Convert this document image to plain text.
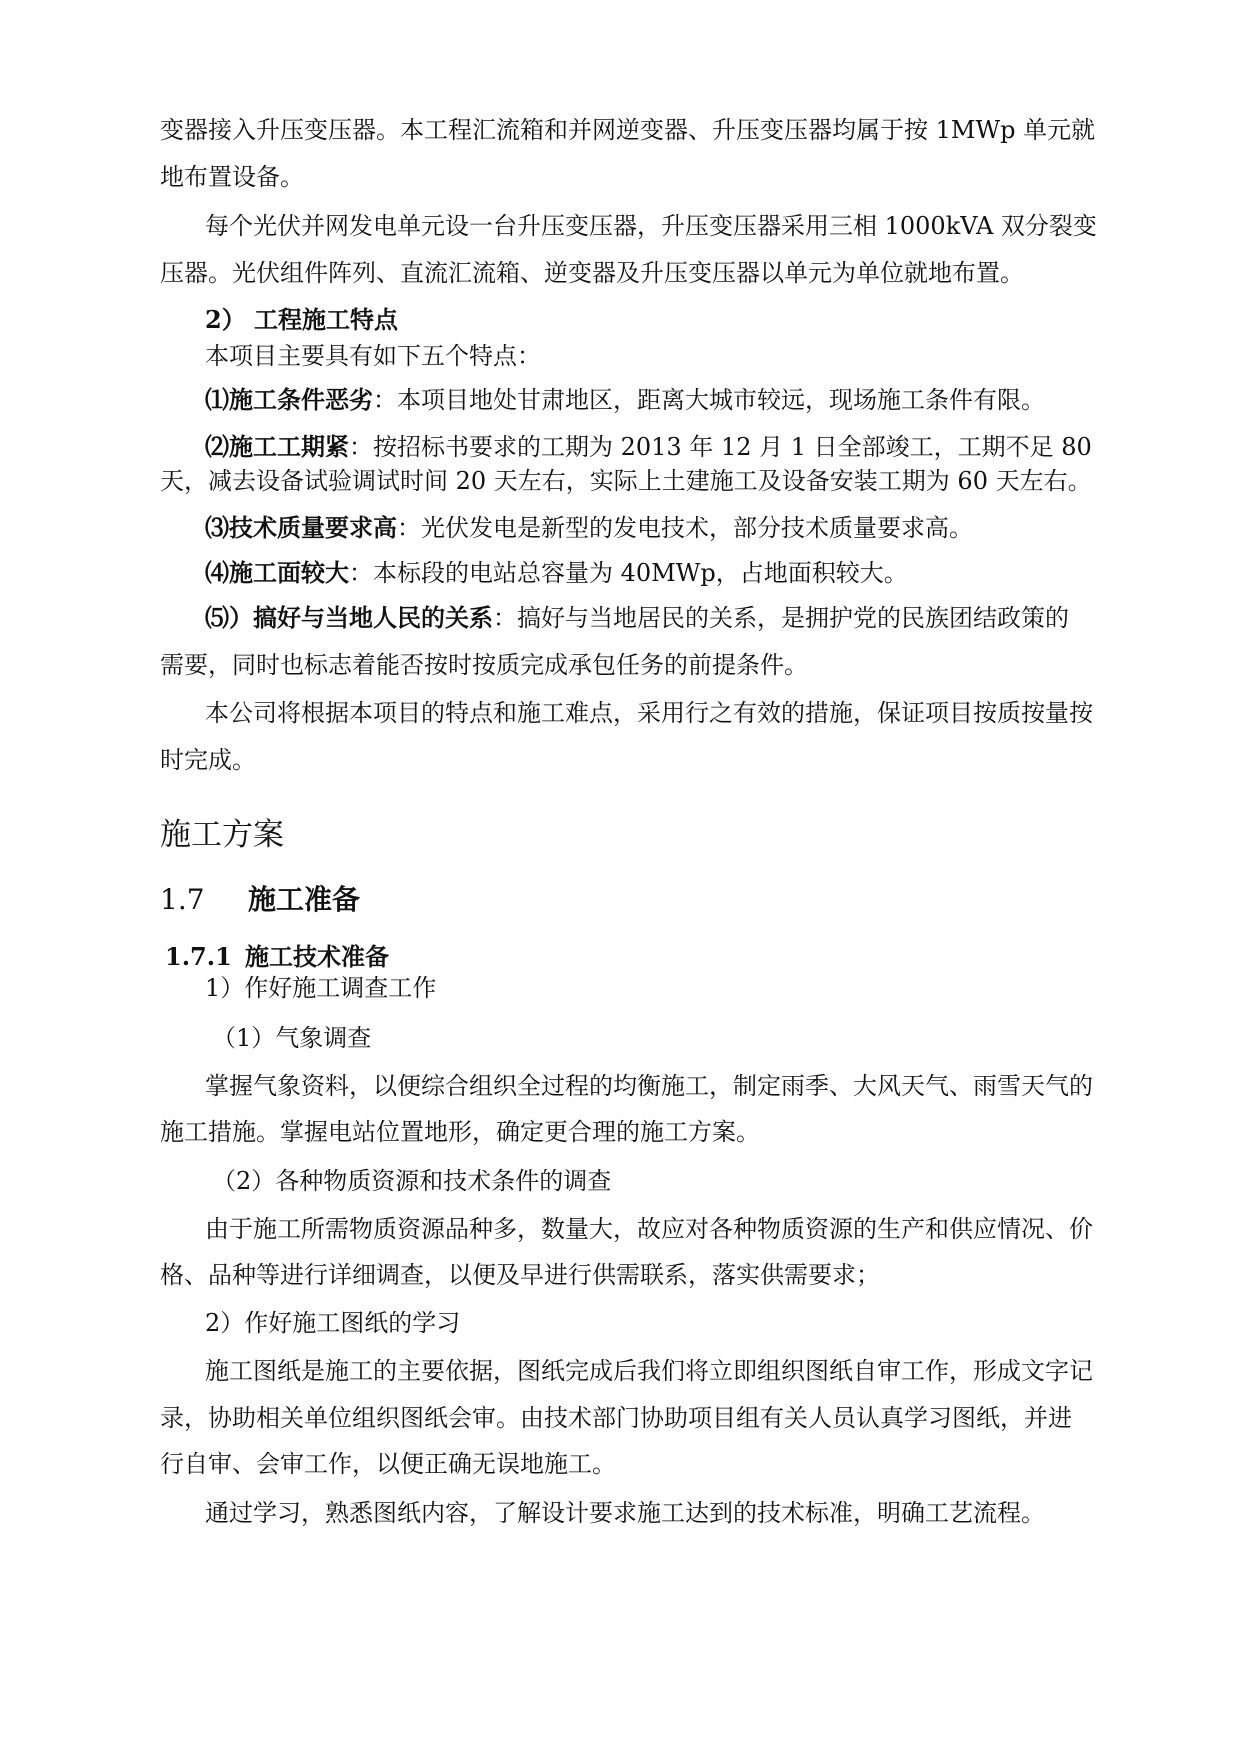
变器接入升压变压器。本工程汇流箱和并网逆变器、升压变压器均属于按 1MWp 单元就
地布置设备。
每个光伏并网发电单元设一台升压变压器，升压变压器采用三相 1000kVA 双分裂变
压器。光伏组件阵列、直流汇流箱、逆变器及升压变压器以单元为单位就地布置。
2） 工程施工特点
本项目主要具有如下五个特点：
⑴施工条件恶劣：本项目地处甘肃地区，距离大城市较远，现场施工条件有限。
⑵施工工期紧：按招标书要求的工期为 2013 年 12 月 1 日全部竣工，工期不足 80
天，减去设备试验调试时间 20 天左右，实际上土建施工及设备安装工期为 60 天左右。
⑶技术质量要求高：光伏发电是新型的发电技术，部分技术质量要求高。
⑷施工面较大：本标段的电站总容量为 40MWp，占地面积较大。
⑸）搞好与当地人民的关系：搞好与当地居民的关系，是拥护党的民族团结政策的
需要，同时也标志着能否按时按质完成承包任务的前提条件。
本公司将根据本项目的特点和施工难点，采用行之有效的措施，保证项目按质按量按
时完成。
施工方案
1.7 施工准备
1.7.1 施工技术准备
1）作好施工调查工作
（1）气象调查
掌握气象资料，以便综合组织全过程的均衡施工，制定雨季、大风天气、雨雪天气的
施工措施。掌握电站位置地形，确定更合理的施工方案。
（2）各种物质资源和技术条件的调查
由于施工所需物质资源品种多，数量大，故应对各种物质资源的生产和供应情况、价
格、品种等进行详细调查，以便及早进行供需联系，落实供需要求；
2）作好施工图纸的学习
施工图纸是施工的主要依据，图纸完成后我们将立即组织图纸自审工作，形成文字记
录，协助相关单位组织图纸会审。由技术部门协助项目组有关人员认真学习图纸，并进
行自审、会审工作，以便正确无误地施工。
通过学习，熟悉图纸内容，了解设计要求施工达到的技术标准，明确工艺流程。
